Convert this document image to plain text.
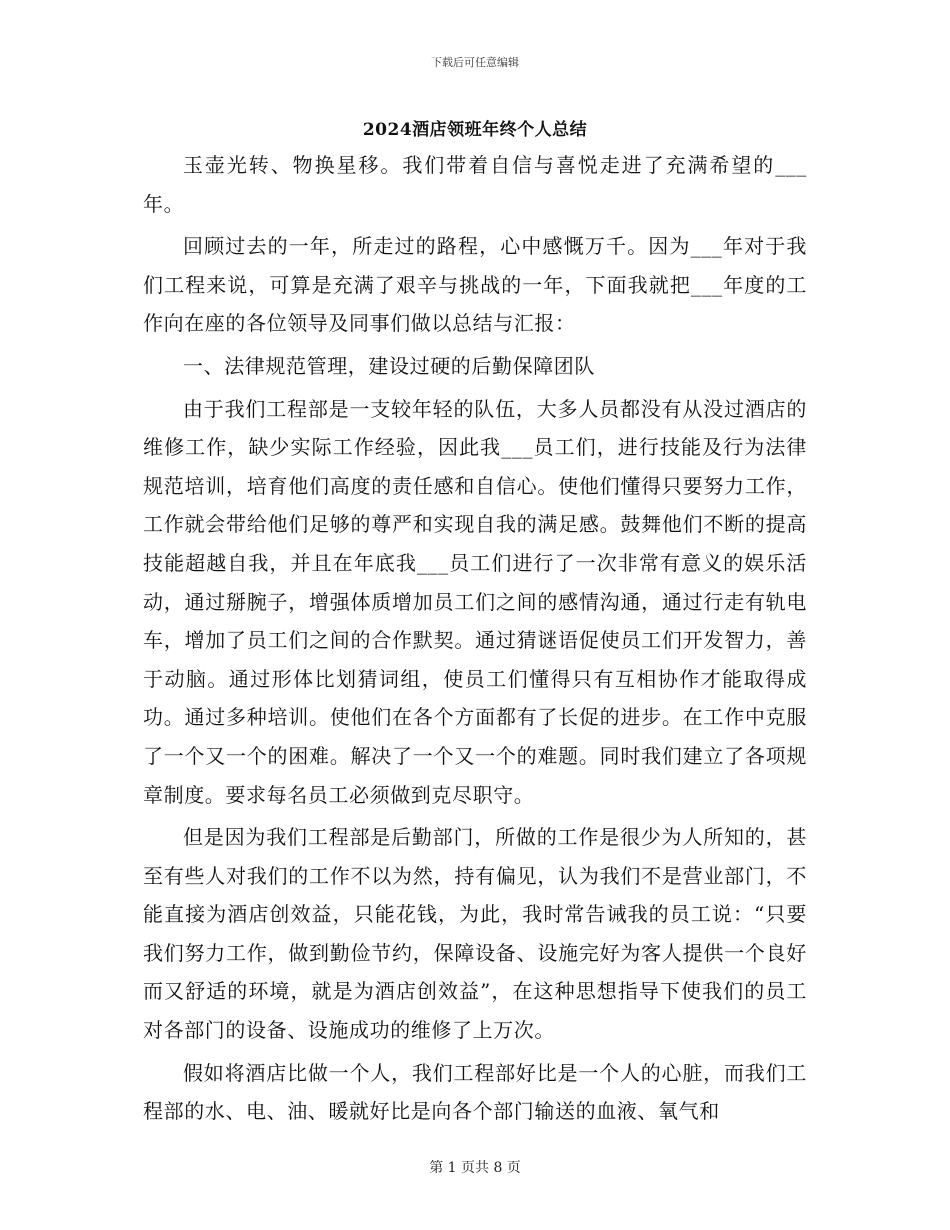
下载后可任意编辑
2024酒店领班年终个人总结

玉壶光转、物换星移。我们带着自信与喜悦走进了充满希望的___年。

回顾过去的一年，所走过的路程，心中感慨万千。因为___年对于我们工程来说，可算是充满了艰辛与挑战的一年，下面我就把___年度的工作向在座的各位领导及同事们做以总结与汇报：

一、法律规范管理，建设过硬的后勤保障团队

由于我们工程部是一支较年轻的队伍，大多人员都没有从没过酒店的维修工作，缺少实际工作经验，因此我___员工们，进行技能及行为法律规范培训，培育他们高度的责任感和自信心。使他们懂得只要努力工作，工作就会带给他们足够的尊严和实现自我的满足感。鼓舞他们不断的提高技能超越自我，并且在年底我___员工们进行了一次非常有意义的娱乐活动，通过掰腕子，增强体质增加员工们之间的感情沟通，通过行走有轨电车，增加了员工们之间的合作默契。通过猜谜语促使员工们开发智力，善于动脑。通过形体比划猜词组，使员工们懂得只有互相协作才能取得成功。通过多种培训。使他们在各个方面都有了长促的进步。在工作中克服了一个又一个的困难。解决了一个又一个的难题。同时我们建立了各项规章制度。要求每名员工必须做到克尽职守。

但是因为我们工程部是后勤部门，所做的工作是很少为人所知的，甚至有些人对我们的工作不以为然，持有偏见，认为我们不是营业部门，不能直接为酒店创效益，只能花钱，为此，我时常告诫我的员工说：“只要我们努力工作，做到勤俭节约，保障设备、设施完好为客人提供一个良好而又舒适的环境，就是为酒店创效益”，在这种思想指导下使我们的员工对各部门的设备、设施成功的维修了上万次。

假如将酒店比做一个人，我们工程部好比是一个人的心脏，而我们工程部的水、电、油、暖就好比是向各个部门输送的血液、氧气和

第 1 页共 8 页
